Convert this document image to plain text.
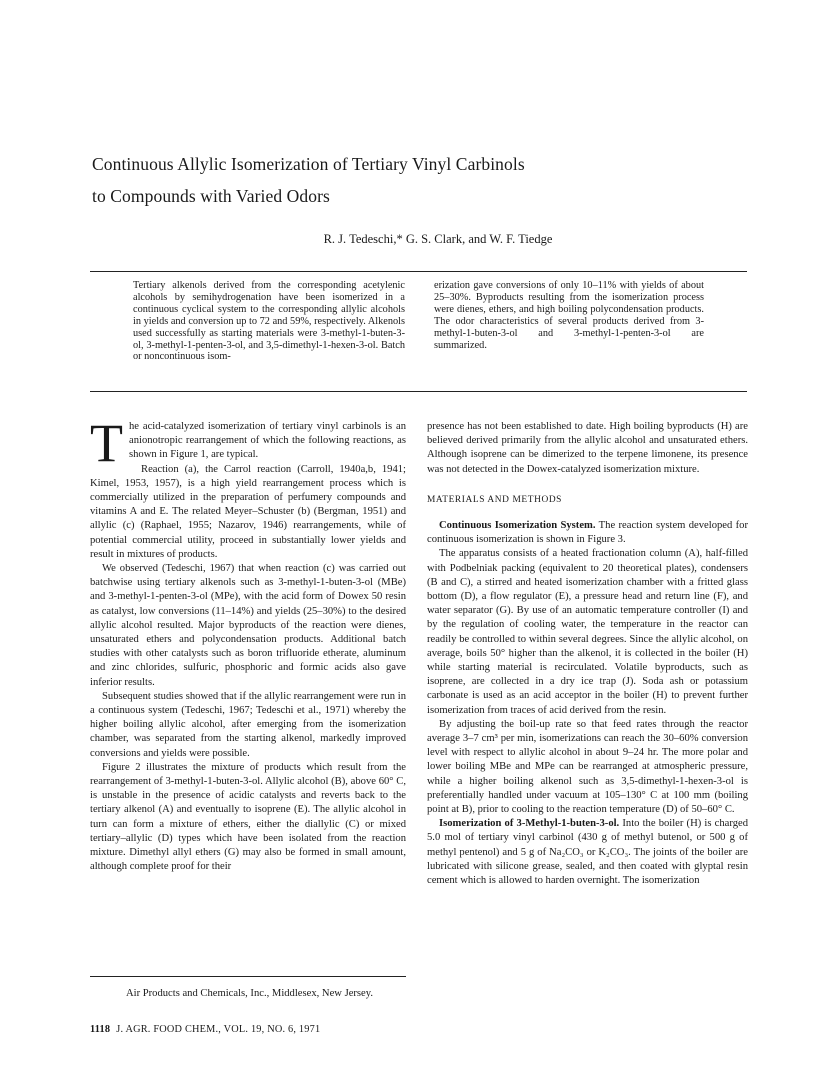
Continuous Allylic Isomerization of Tertiary Vinyl Carbinols
to Compounds with Varied Odors
R. J. Tedeschi,* G. S. Clark, and W. F. Tiedge
Tertiary alkenols derived from the corresponding acetylenic alcohols by semihydrogenation have been isomerized in a continuous cyclical system to the corresponding allylic alcohols in yields and conversion up to 72 and 59%, respectively. Alkenols used successfully as starting materials were 3-methyl-1-buten-3-ol, 3-methyl-1-penten-3-ol, and 3,5-dimethyl-1-hexen-3-ol. Batch or noncontinuous isom-
erization gave conversions of only 10–11% with yields of about 25–30%. Byproducts resulting from the isomerization process were dienes, ethers, and high boiling polycondensation products. The odor characteristics of several products derived from 3-methyl-1-buten-3-ol and 3-methyl-1-penten-3-ol are summarized.

The acid-catalyzed isomerization of tertiary vinyl carbinols is an anionotropic rearrangement of which the following reactions, as shown in Figure 1, are typical.

Reaction (a), the Carrol reaction (Carroll, 1940a,b, 1941; Kimel, 1953, 1957), is a high yield rearrangement process which is commercially utilized in the preparation of perfumery compounds and vitamins A and E. The related Meyer–Schuster (b) (Bergman, 1951) and allylic (c) (Raphael, 1955; Nazarov, 1946) rearrangements, while of potential commercial utility, proceed in substantially lower yields and result in mixtures of products.

We observed (Tedeschi, 1967) that when reaction (c) was carried out batchwise using tertiary alkenols such as 3-methyl-1-buten-3-ol (MBe) and 3-methyl-1-penten-3-ol (MPe), with the acid form of Dowex 50 resin as catalyst, low conversions (11–14%) and yields (25–30%) to the desired allylic alcohol resulted. Major byproducts of the reaction were dienes, unsaturated ethers and polycondensation products. Additional batch studies with other catalysts such as boron trifluoride etherate, aluminum and zinc chlorides, sulfuric, phosphoric and formic acids also gave inferior results.

Subsequent studies showed that if the allylic rearrangement were run in a continuous system (Tedeschi, 1967; Tedeschi et al., 1971) whereby the higher boiling allylic alcohol, after emerging from the isomerization chamber, was separated from the starting alkenol, markedly improved conversions and yields were possible.

Figure 2 illustrates the mixture of products which result from the rearrangement of 3-methyl-1-buten-3-ol. Allylic alcohol (B), above 60° C, is unstable in the presence of acidic catalysts and reverts back to the tertiary alkenol (A) and eventually to isoprene (E). The allylic alcohol in turn can form a mixture of ethers, either the diallylic (C) or mixed tertiary–allylic (D) types which have been isolated from the reaction mixture. Dimethyl allyl ethers (G) may also be formed in small amount, although complete proof for their

presence has not been established to date. High boiling byproducts (H) are believed derived primarily from the allylic alcohol and unsaturated ethers. Although isoprene can be dimerized to the terpene limonene, its presence was not detected in the Dowex-catalyzed isomerization mixture.

MATERIALS AND METHODS

Continuous Isomerization System. The reaction system developed for continuous isomerization is shown in Figure 3.

The apparatus consists of a heated fractionation column (A), half-filled with Podbelniak packing (equivalent to 20 theoretical plates), condensers (B and C), a stirred and heated isomerization chamber with a fritted glass bottom (D), a flow regulator (E), a pressure head and return line (F), and water separator (G). By use of an automatic temperature controller (I) and by the regulation of cooling water, the temperature in the reactor can readily be controlled to within several degrees. Since the allylic alcohol, on average, boils 50° higher than the alkenol, it is collected in the boiler (H) while starting material is recirculated. Volatile byproducts, such as isoprene, are collected in a dry ice trap (J). Soda ash or potassium carbonate is used as an acid acceptor in the boiler (H) to prevent further isomerization from traces of acid derived from the resin.

By adjusting the boil-up rate so that feed rates through the reactor average 3–7 cm³ per min, isomerizations can reach the 30–60% conversion level with respect to allylic alcohol in about 9–24 hr. The more polar and lower boiling MBe and MPe can be rearranged at atmospheric pressure, while a higher boiling alkenol such as 3,5-dimethyl-1-hexen-3-ol is preferentially handled under vacuum at 105–130° C at 100 mm (boiling point at B), prior to cooling to the reaction temperature (D) of 50–60° C.

Isomerization of 3-Methyl-1-buten-3-ol. Into the boiler (H) is charged 5.0 mol of tertiary vinyl carbinol (430 g of methyl butenol, or 500 g of methyl pentenol) and 5 g of Na₂CO₃ or K₂CO₃. The joints of the boiler are lubricated with silicone grease, sealed, and then coated with glyptal resin cement which is allowed to harden overnight. The isomerization

Air Products and Chemicals, Inc., Middlesex, New Jersey.
1118 J. AGR. FOOD CHEM., VOL. 19, NO. 6, 1971
